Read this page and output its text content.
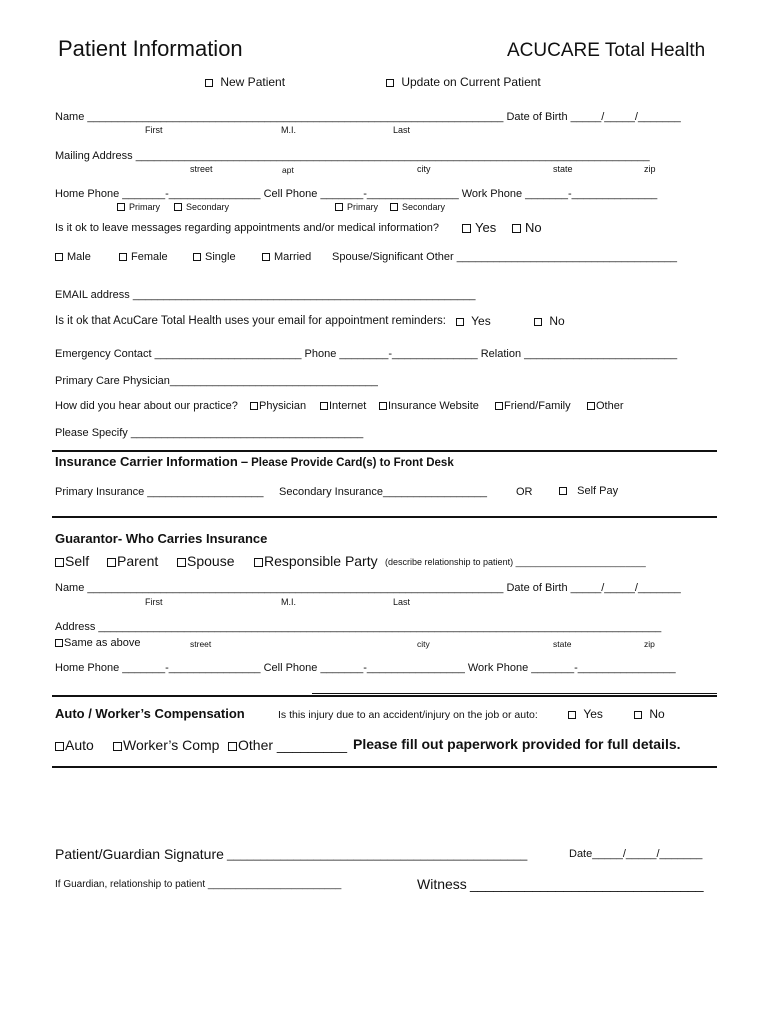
Patient Information	ACUCARE Total Health
New Patient	Update on Current Patient
Name ____________________________________________________________________ Date of Birth _____/_____/_______
First	M.I.	Last
Mailing Address ____________________________________________________________________________________
street	apt	city	state	zip
Home Phone _______-_______________ Cell Phone _______-_______________ Work Phone _______-______________
Primary	Secondary	Primary	Secondary
Is it ok to leave messages regarding appointments and/or medical information?	Yes	No
Male	Female	Single	Married Spouse/Significant Other ____________________________________
EMAIL address ________________________________________________________
Is it ok that AcuCare Total Health uses your email for appointment reminders:	Yes	No
Emergency Contact ________________________ Phone ________-______________ Relation _________________________
Primary Care Physician__________________________________
How did you hear about our practice?	Physician	Internet	Insurance Website	Friend/Family	Other
Please Specify ______________________________________
Insurance Carrier Information – Please Provide Card(s) to Front Desk
Primary Insurance ___________________ Secondary Insurance_________________	OR	Self Pay
Guarantor- Who Carries Insurance
Self	Parent	Spouse	Responsible Party (describe relationship to patient) __________________________
Name ____________________________________________________________________ Date of Birth _____/_____/_______
First	M.I.	Last
Address ____________________________________________________________________________________________
Same as above	street	city	state	zip
Home Phone _______-_______________ Cell Phone _______-________________ Work Phone _______-________________
Auto / Worker’s Compensation	Is this injury due to an accident/injury on the job or auto:	Yes	No
Auto	Worker’s Comp	Other _________ Please fill out paperwork provided for full details.
Patient/Guardian Signature _____________________________________________	Date_____/_____/_______
If Guardian, relationship to patient ________________________	Witness ______________________________
